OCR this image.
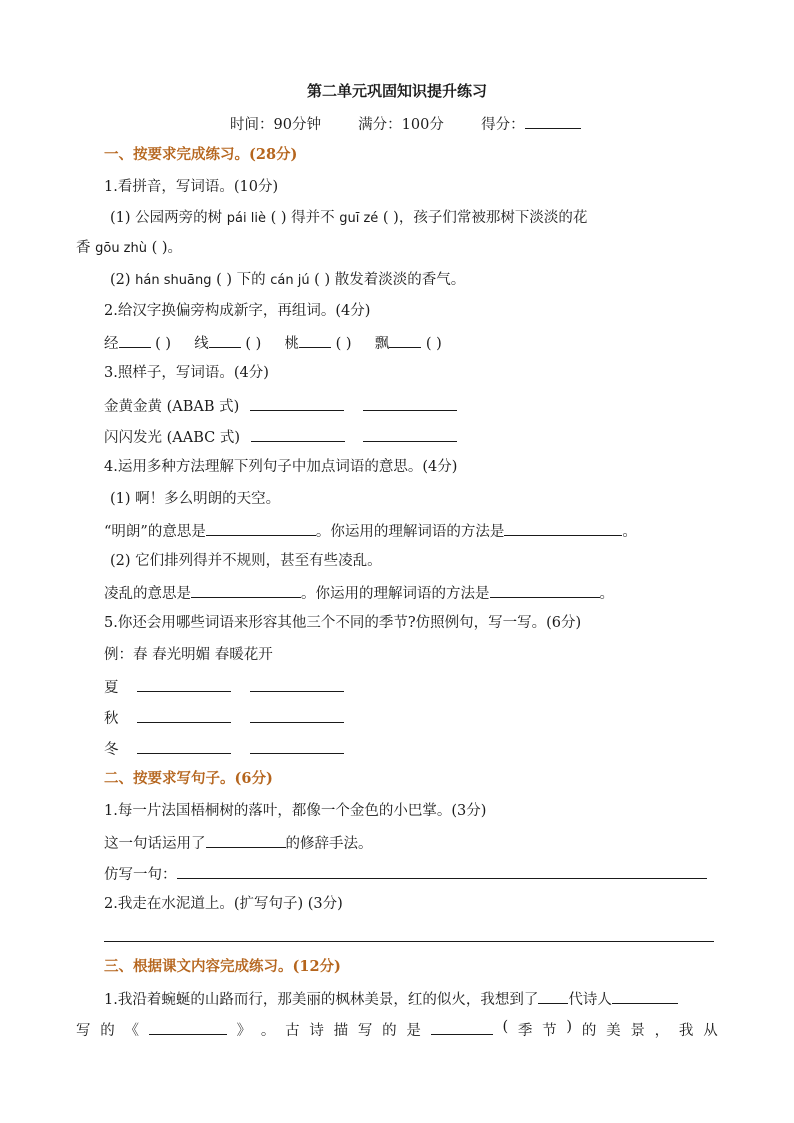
第二单元巩固知识提升练习
时间：90分钟	满分：100分	得分：
一、按要求完成练习。(28分)
1.看拼音，写词语。(10分)
(1) 公园两旁的树 pái liè ( ) 得并不 guī zé ( )，孩子们常被那树下淡淡的花
香 gōu zhù ( )。
(2) hán shuāng ( ) 下的 cán jú ( ) 散发着淡淡的香气。
2.给汉字换偏旁构成新字，再组词。(4分)
经	( ) 线	( ) 桃	( ) 飘	( )
3.照样子，写词语。(4分)
金黄金黄 (ABAB 式)
闪闪发光 (AABC 式)
4.运用多种方法理解下列句子中加点词语的意思。(4分)
(1) 啊！多么明朗的天空。
“明朗”的意思是	。你运用的理解词语的方法是	。
(2) 它们排列得并不规则，甚至有些凌乱。
凌乱的意思是	。你运用的理解词语的方法是	。
5.你还会用哪些词语来形容其他三个不同的季节?仿照例句，写一写。(6分)
例：春 春光明媚 春暖花开
夏
秋
冬
二、按要求写句子。(6分)
1.每一片法国梧桐树的落叶，都像一个金色的小巴掌。(3分)
这一句话运用了	的修辞手法。
仿写一句：
2.我走在水泥道上。(扩写句子) (3分)
三、根据课文内容完成练习。(12分)
1.我沿着蜿蜒的山路而行，那美丽的枫林美景，红的似火，我想到了 代诗人
写 的 《	》 。 古 诗 描 写 的 是	( 季 节 ) 的 美 景 ， 我 从
